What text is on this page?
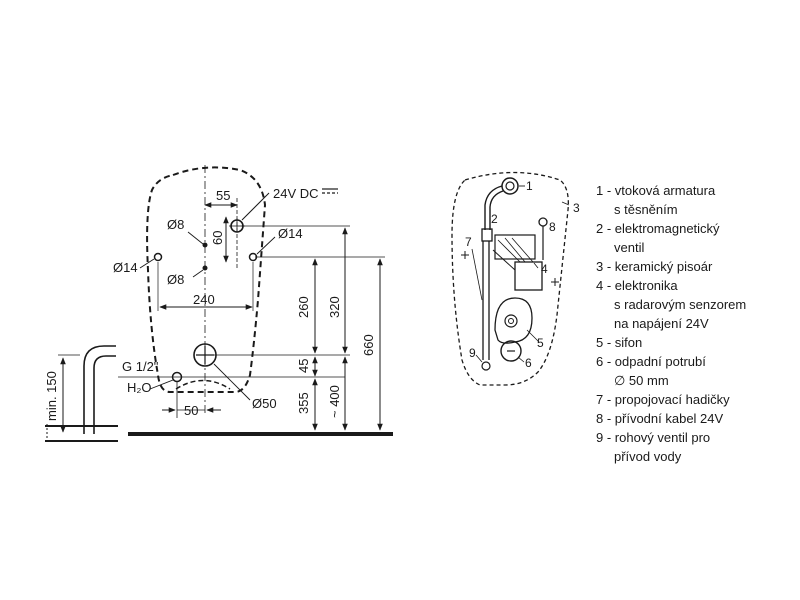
55	24V DC
Ø8
Ø8
Ø14
Ø14
60
240	260 320
660
45
355 ~ 400
50	Ø50
G 1/2"
H₂O
min. 150
1
2
3
4
5
6
7
8
9
1 - vtoková armatura
s těsněním
2 - elektromagnetický
ventil
3 - keramický pisoár
4 - elektronika
s radarovým senzorem
na napájení 24V
5 - sifon
6 - odpadní potrubí
∅ 50 mm
7 - propojovací hadičky
8 - přívodní kabel 24V
9 - rohový ventil pro
přívod vody
